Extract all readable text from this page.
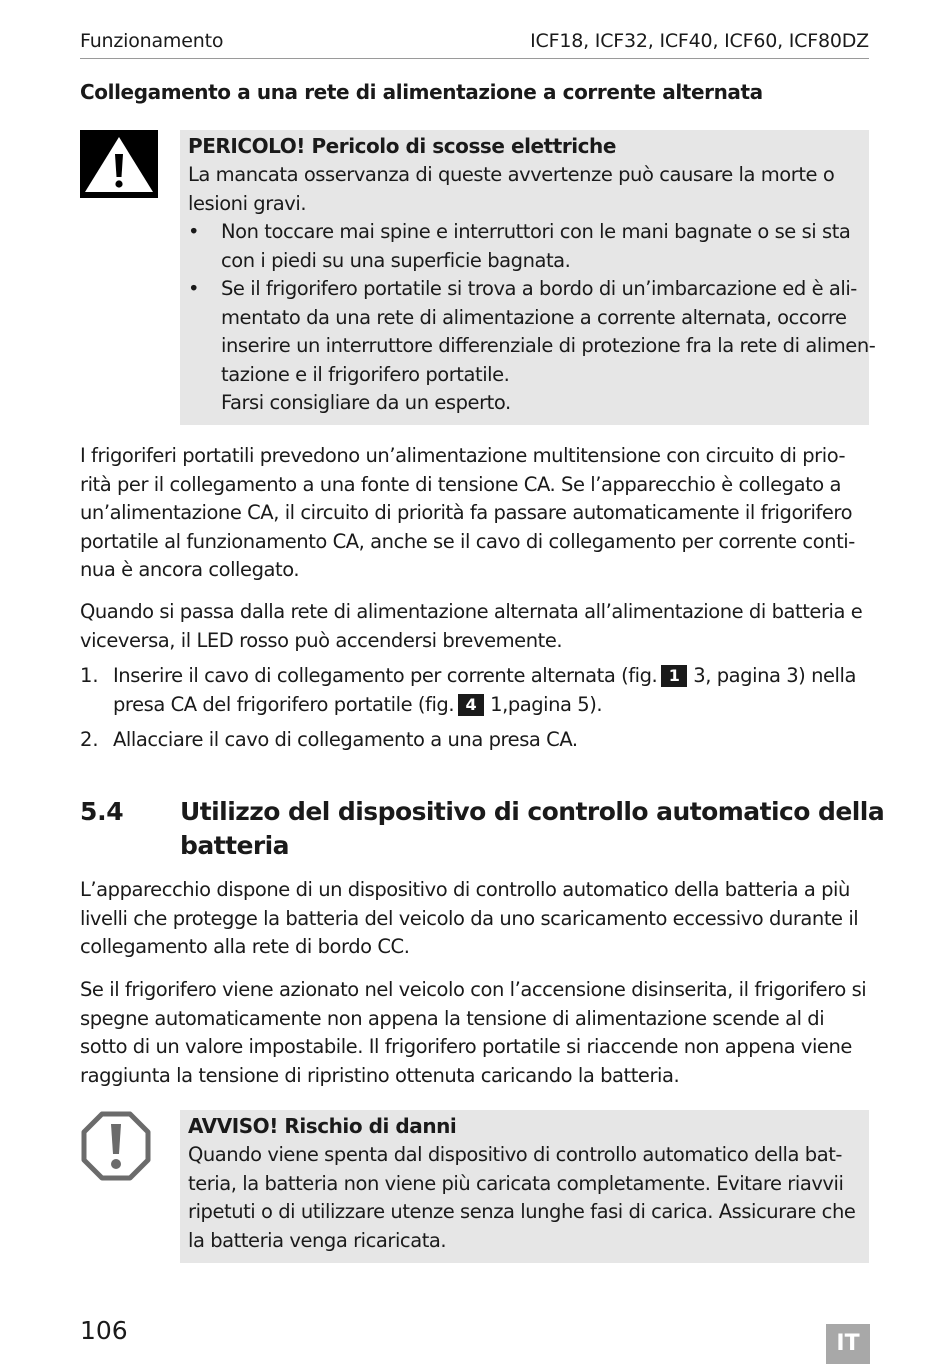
Funzionamento	ICF18, ICF32, ICF40, ICF60, ICF80DZ
Collegamento a una rete di alimentazione a corrente alternata
PERICOLO! Pericolo di scosse elettriche
La mancata osservanza di queste avvertenze può causare la morte o
lesioni gravi.
• Non toccare mai spine e interruttori con le mani bagnate o se si sta
con i piedi su una superficie bagnata.
• Se il frigorifero portatile si trova a bordo di un’imbarcazione ed è ali-
mentato da una rete di alimentazione a corrente alternata, occorre
inserire un interruttore differenziale di protezione fra la rete di alimen-
tazione e il frigorifero portatile.
Farsi consigliare da un esperto.
I frigoriferi portatili prevedono un’alimentazione multitensione con circuito di prio-
rità per il collegamento a una fonte di tensione CA. Se l’apparecchio è collegato a
un’alimentazione CA, il circuito di priorità fa passare automaticamente il frigorifero
portatile al funzionamento CA, anche se il cavo di collegamento per corrente conti-
nua è ancora collegato.
Quando si passa dalla rete di alimentazione alternata all’alimentazione di batteria e
viceversa, il LED rosso può accendersi brevemente.
1. Inserire il cavo di collegamento per corrente alternata (fig. 1 3, pagina 3) nella
presa CA del frigorifero portatile (fig. 4 1,pagina 5).
2. Allacciare il cavo di collegamento a una presa CA.
5.4 Utilizzo del dispositivo di controllo automatico della
batteria
L’apparecchio dispone di un dispositivo di controllo automatico della batteria a più
livelli che protegge la batteria del veicolo da uno scaricamento eccessivo durante il
collegamento alla rete di bordo CC.
Se il frigorifero viene azionato nel veicolo con l’accensione disinserita, il frigorifero si
spegne automaticamente non appena la tensione di alimentazione scende al di
sotto di un valore impostabile. Il frigorifero portatile si riaccende non appena viene
raggiunta la tensione di ripristino ottenuta caricando la batteria.
AVVISO! Rischio di danni
Quando viene spenta dal dispositivo di controllo automatico della bat-
teria, la batteria non viene più caricata completamente. Evitare riavvii
ripetuti o di utilizzare utenze senza lunghe fasi di carica. Assicurare che
la batteria venga ricaricata.
106	IT
